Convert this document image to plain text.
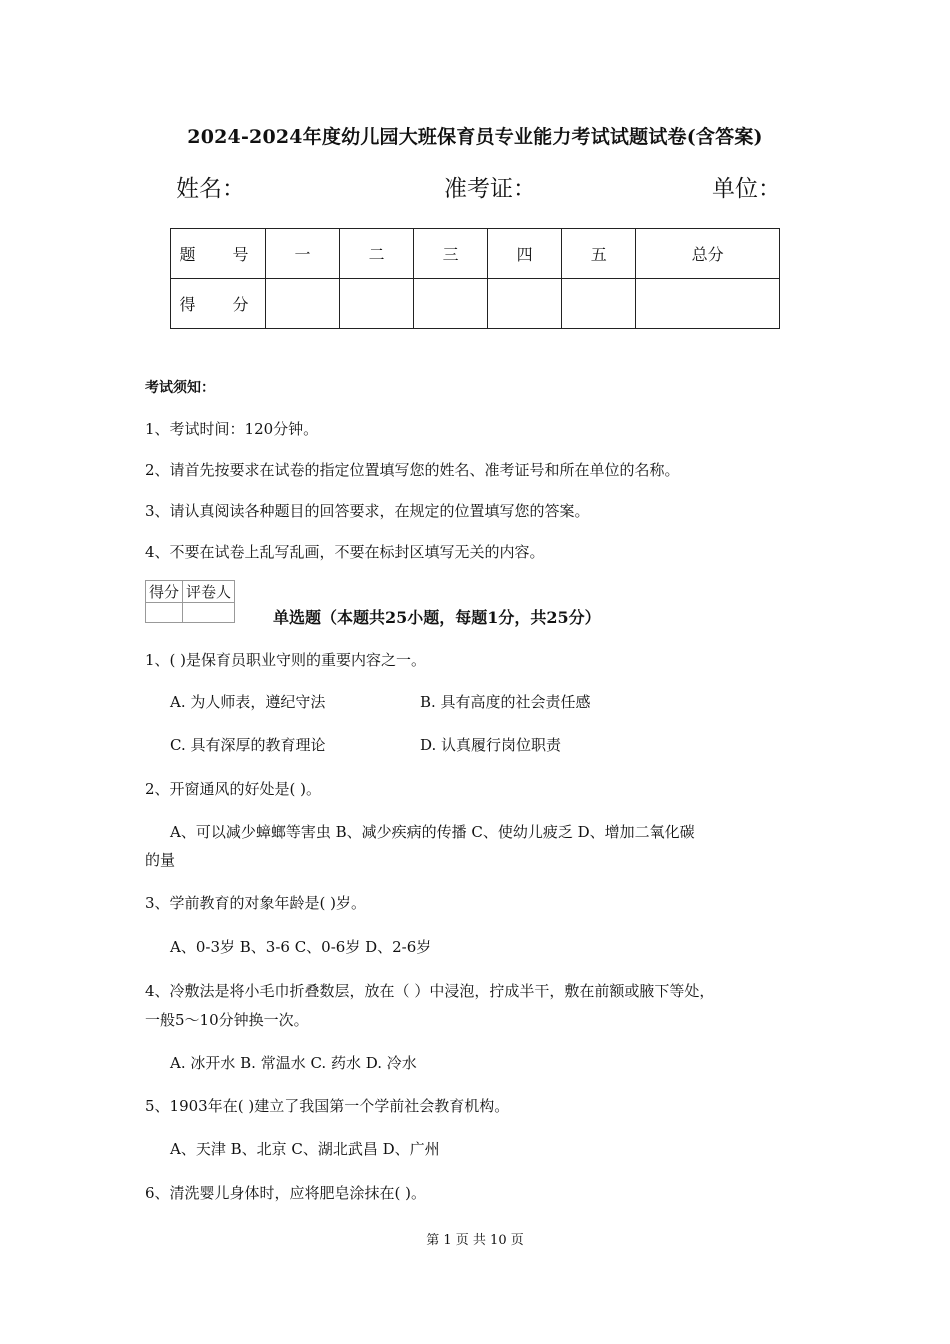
2024-2024年度幼儿园大班保育员专业能力考试试题试卷(含答案)
姓名：	准考证：	单位：
题 号	一	二	三	四	五	总分
得 分						
考试须知：
1、考试时间：120分钟。
2、请首先按要求在试卷的指定位置填写您的姓名、准考证号和所在单位的名称。
3、请认真阅读各种题目的回答要求，在规定的位置填写您的答案。
4、不要在试卷上乱写乱画，不要在标封区填写无关的内容。
得分	评卷人

单选题（本题共25小题，每题1分，共25分）
1、( )是保育员职业守则的重要内容之一。
A. 为人师表，遵纪守法	B. 具有高度的社会责任感
C. 具有深厚的教育理论	D. 认真履行岗位职责
2、开窗通风的好处是( )。
A、可以减少蟑螂等害虫 B、减少疾病的传播 C、使幼儿疲乏 D、增加二氧化碳
的量
3、学前教育的对象年龄是( )岁。
A、0-3岁 B、3-6 C、0-6岁 D、2-6岁
4、冷敷法是将小毛巾折叠数层，放在（ ）中浸泡，拧成半干，敷在前额或腋下等处，
一般5～10分钟换一次。
A. 冰开水 B. 常温水 C. 药水 D. 冷水
5、1903年在( )建立了我国第一个学前社会教育机构。
A、天津 B、北京 C、湖北武昌 D、广州
6、清洗婴儿身体时，应将肥皂涂抹在( )。
第 1 页 共 10 页
